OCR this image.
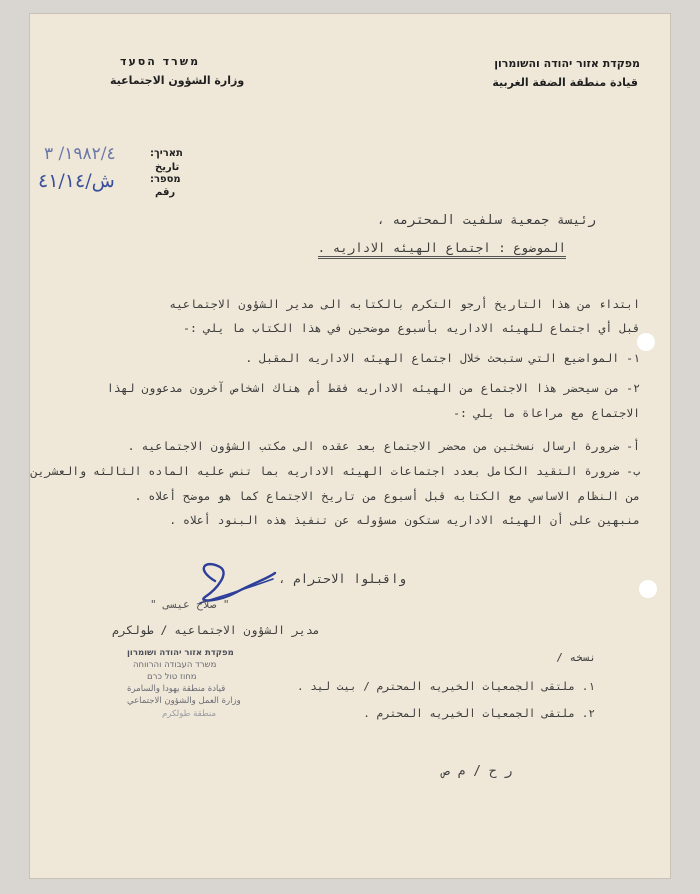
מפקדת אזור יהודה והשומרון
قيادة منطقة الضفة الغربية
משרד הסעד
وزارة الشؤون الاجتماعية
תאריך:
تاريخ
١٩٨٢/٤/ ٣
מספר:
رقم
ش/٤١/١٤
رئيسة جمعية سلفيت المحترمه ،
الموضوع : اجتماع الهيئه الاداريه .
ابتداء من هذا التاريخ أرجو التكرم بالكتابه الى مدير الشؤون الاجتماعيه
قبل أي اجتماع للهيئه الاداريه بأسبوع موضحين في هذا الكتاب ما يلي :-
١- المواضيع التي ستبحث خلال اجتماع الهيئه الاداريه المقبل .
٢- من سيحضر هذا الاجتماع من الهيئه الاداريه فقط أم هناك اشخاص آخرون مدعوون لهذا
الاجتماع مع مراعاة ما يلي :-
أ- ضرورة ارسال نسختين من محضر الاجتماع بعد عقده الى مكتب الشؤون الاجتماعيه .
ب- ضرورة التقيد الكامل بعدد اجتماعات الهيئه الاداريه بما تنص عليه الماده الثالثه والعشرين
من النظام الاساسي مع الكتابه قبل أسبوع من تاريخ الاجتماع كما هو موضح أعلاه .
منبهين على أن الهيئه الاداريه ستكون مسؤوله عن تنفيذ هذه البنود أعلاه .
واقبلوا الاحترام ،
" صلاح عيسى "
مدير الشؤون الاجتماعيه / طولكرم
מפקדת אזור יהודה ושומרון
משרד העבודה והרווחה
מחוז טול כרם
قيادة منطقة يهودا والسامرة
وزارة العمل والشؤون الاجتماعي
منطقة طولكرم
نسخه /
١. ملتقى الجمعيات الخيريه المحترم / بيت ليد .
٢. ملتقى الجمعيات الخيريه المحترم .
ر ح / م ص
